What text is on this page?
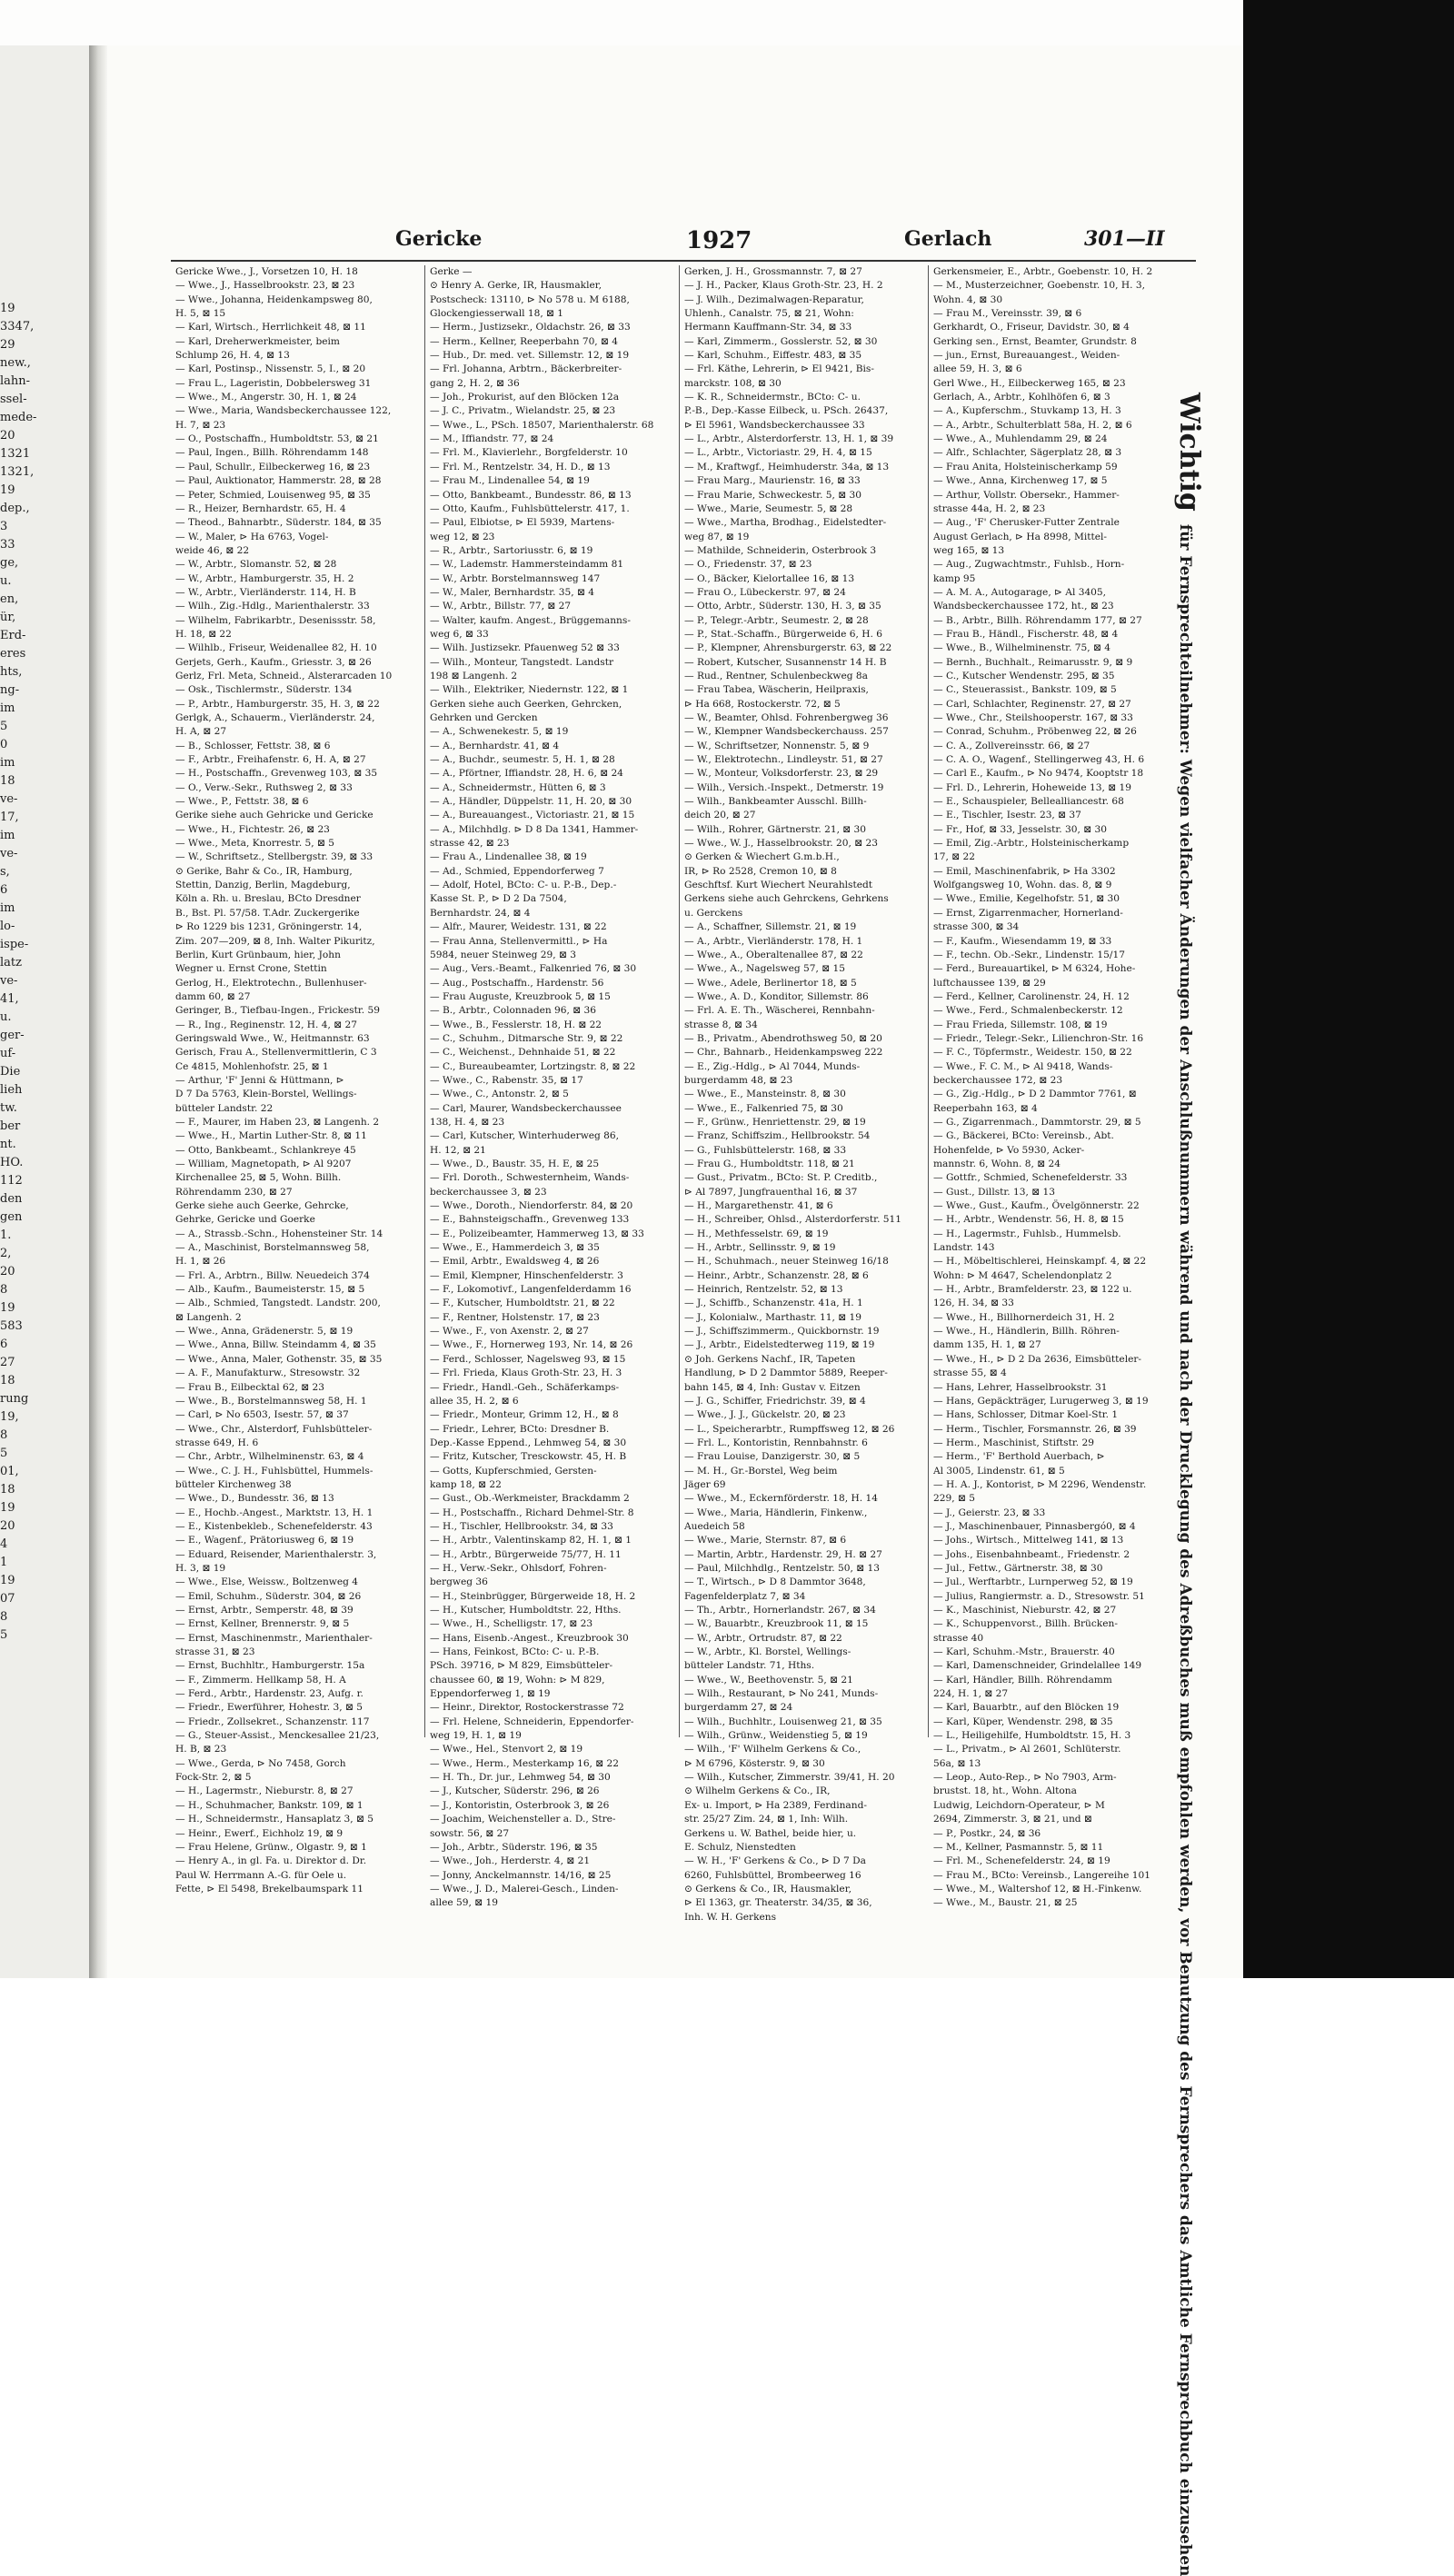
19
3347,
29
new.,
lahn-
ssel-
mede-
20
1321
1321,
19
dep.,
3
33
ge,
u.
en,
ür,
Erd-
eres
hts,
ng-
im
5
0
im
18
ve-
17,
im
ve-
s,
6
im
lo-
ispe-
latz
ve-
41,
u.
ger-
uf-
Die
lieh
tw.
ber
nt.
HO.
112
den
gen
1.
2,
20
8
19
583
6
27
18
rung
19,
8
5
01,
18
19
20
4
1
19
07
8
5
Gericke	1927	Gerlach	301—II
Gericke Wwe., J., Vorsetzen 10, H. 18
— Wwe., J., Hasselbrookstr. 23, ⊠ 23
— Wwe., Johanna, Heidenkampsweg 80,
H. 5, ⊠ 15
— Karl, Wirtsch., Herrlichkeit 48, ⊠ 11
— Karl, Dreherwerkmeister, beim
Schlump 26, H. 4, ⊠ 13
— Karl, Postinsp., Nissenstr. 5, I., ⊠ 20
— Frau L., Lageristin, Dobbelersweg 31
— Wwe., M., Angerstr. 30, H. 1, ⊠ 24
— Wwe., Maria, Wandsbeckerchaussee 122,
H. 7, ⊠ 23
— O., Postschaffn., Humboldtstr. 53, ⊠ 21
— Paul, Ingen., Billh. Röhrendamm 148
— Paul, Schullr., Eilbeckerweg 16, ⊠ 23
— Paul, Auktionator, Hammerstr. 28, ⊠ 28
— Peter, Schmied, Louisenweg 95, ⊠ 35
— R., Heizer, Bernhardstr. 65, H. 4
— Theod., Bahnarbtr., Süderstr. 184, ⊠ 35
— W., Maler, ⊳ Ha 6763, Vogel-
weide 46, ⊠ 22
— W., Arbtr., Slomanstr. 52, ⊠ 28
— W., Arbtr., Hamburgerstr. 35, H. 2
— W., Arbtr., Vierländerstr. 114, H. B
— Wilh., Zig.-Hdlg., Marienthalerstr. 33
— Wilhelm, Fabrikarbtr., Desenissstr. 58,
H. 18, ⊠ 22
— Wilhlb., Friseur, Weidenallee 82, H. 10
Gerjets, Gerh., Kaufm., Griesstr. 3, ⊠ 26
Gerlz, Frl. Meta, Schneid., Alsterarcaden 10
— Osk., Tischlermstr., Süderstr. 134
— P., Arbtr., Hamburgerstr. 35, H. 3, ⊠ 22
Gerlgk, A., Schauerm., Vierländerstr. 24,
H. A, ⊠ 27
— B., Schlosser, Fettstr. 38, ⊠ 6
— F., Arbtr., Freihafenstr. 6, H. A, ⊠ 27
— H., Postschaffn., Grevenweg 103, ⊠ 35
— O., Verw.-Sekr., Ruthsweg 2, ⊠ 33
— Wwe., P., Fettstr. 38, ⊠ 6
Gerike siehe auch Gehricke und Gericke
— Wwe., H., Fichtestr. 26, ⊠ 23
— Wwe., Meta, Knorrestr. 5, ⊠ 5
— W., Schriftsetz., Stellbergstr. 39, ⊠ 33
⊙ Gerike, Bahr & Co., IR, Hamburg,
Stettin, Danzig, Berlin, Magdeburg,
Köln a. Rh. u. Breslau, BCto Dresdner
B., Bst. Pl. 57/58. T.Adr. Zuckergerike
⊳ Ro 1229 bis 1231, Gröningerstr. 14,
Zim. 207—209, ⊠ 8, Inh. Walter Pikuritz,
Berlin, Kurt Grünbaum, hier, John
Wegner u. Ernst Crone, Stettin
Gerlog, H., Elektrotechn., Bullenhuser-
damm 60, ⊠ 27
Geringer, B., Tiefbau-Ingen., Frickestr. 59
— R., Ing., Reginenstr. 12, H. 4, ⊠ 27
Geringswald Wwe., W., Heitmannstr. 63
Gerisch, Frau A., Stellenvermittlerin, C 3
Ce 4815, Mohlenhofstr. 25, ⊠ 1
— Arthur, 'F' Jenni & Hüttmann, ⊳
D 7 Da 5763, Klein-Borstel, Wellings-
bütteler Landstr. 22
— F., Maurer, im Haben 23, ⊠ Langenh. 2
— Wwe., H., Martin Luther-Str. 8, ⊠ 11
— Otto, Bankbeamt., Schlankreye 45
— William, Magnetopath, ⊳ Al 9207
Kirchenallee 25, ⊠ 5, Wohn. Billh.
Röhrendamm 230, ⊠ 27
Gerke siehe auch Geerke, Gehrcke,
Gehrke, Gericke und Goerke
— A., Strassb.-Schn., Hohensteiner Str. 14
— A., Maschinist, Borstelmannsweg 58,
H. 1, ⊠ 26
— Frl. A., Arbtrn., Billw. Neuedeich 374
— Alb., Kaufm., Baumeisterstr. 15, ⊠ 5
— Alb., Schmied, Tangstedt. Landstr. 200,
⊠ Langenh. 2
— Wwe., Anna, Grädenerstr. 5, ⊠ 19
— Wwe., Anna, Billw. Steindamm 4, ⊠ 35
— Wwe., Anna, Maler, Gothenstr. 35, ⊠ 35
— A. F., Manufakturw., Stresowstr. 32
— Frau B., Eilbecktal 62, ⊠ 23
— Wwe., B., Borstelmannsweg 58, H. 1
— Carl, ⊳ No 6503, Isestr. 57, ⊠ 37
— Wwe., Chr., Alsterdorf, Fuhlsbütteler-
strasse 649, H. 6
— Chr., Arbtr., Wilhelminenstr. 63, ⊠ 4
— Wwe., C. J. H., Fuhlsbüttel, Hummels-
bütteler Kirchenweg 38
— Wwe., D., Bundesstr. 36, ⊠ 13
— E., Hochb.-Angest., Marktstr. 13, H. 1
— E., Kistenbekleb., Schenefelderstr. 43
— E., Wagenf., Prätoriusweg 6, ⊠ 19
— Eduard, Reisender, Marienthalerstr. 3,
H. 3, ⊠ 19
— Wwe., Else, Weissw., Boltzenweg 4
— Emil, Schuhm., Süderstr. 304, ⊠ 26
— Ernst, Arbtr., Semperstr. 48, ⊠ 39
— Ernst, Kellner, Brennerstr. 9, ⊠ 5
— Ernst, Maschinenmstr., Marienthaler-
strasse 31, ⊠ 23
— Ernst, Buchhltr., Hamburgerstr. 15a
— F., Zimmerm. Hellkamp 58, H. A
— Ferd., Arbtr., Hardenstr. 23, Aufg. r.
— Friedr., Ewerführer, Hohestr. 3, ⊠ 5
— Friedr., Zollsekret., Schanzenstr. 117
— G., Steuer-Assist., Menckesallee 21/23,
H. B, ⊠ 23
— Wwe., Gerda, ⊳ No 7458, Gorch
Fock-Str. 2, ⊠ 5
— H., Lagermstr., Nieburstr. 8, ⊠ 27
— H., Schuhmacher, Bankstr. 109, ⊠ 1
— H., Schneidermstr., Hansaplatz 3, ⊠ 5
— Heinr., Ewerf., Eichholz 19, ⊠ 9
— Frau Helene, Grünw., Olgastr. 9, ⊠ 1
— Henry A., in gl. Fa. u. Direktor d. Dr.
Paul W. Herrmann A.-G. für Oele u.
Fette, ⊳ El 5498, Brekelbaumspark 11
Gerke —
⊙ Henry A. Gerke, IR, Hausmakler,
Postscheck: 13110, ⊳ No 578 u. M 6188,
Glockengiesserwall 18, ⊠ 1
— Herm., Justizsekr., Oldachstr. 26, ⊠ 33
— Herm., Kellner, Reeperbahn 70, ⊠ 4
— Hub., Dr. med. vet. Sillemstr. 12, ⊠ 19
— Frl. Johanna, Arbtrn., Bäckerbreiter-
gang 2, H. 2, ⊠ 36
— Joh., Prokurist, auf den Blöcken 12a
— J. C., Privatm., Wielandstr. 25, ⊠ 23
— Wwe., L., PSch. 18507, Marienthalerstr. 68
— M., Iffiandstr. 77, ⊠ 24
— Frl. M., Klavierlehr., Borgfelderstr. 10
— Frl. M., Rentzelstr. 34, H. D., ⊠ 13
— Frau M., Lindenallee 54, ⊠ 19
— Otto, Bankbeamt., Bundesstr. 86, ⊠ 13
— Otto, Kaufm., Fuhlsbüttelerstr. 417, 1.
— Paul, Elbiotse, ⊳ El 5939, Martens-
weg 12, ⊠ 23
— R., Arbtr., Sartoriusstr. 6, ⊠ 19
— W., Lademstr. Hammersteindamm 81
— W., Arbtr. Borstelmannsweg 147
— W., Maler, Bernhardstr. 35, ⊠ 4
— W., Arbtr., Billstr. 77, ⊠ 27
— Walter, kaufm. Angest., Brüggemanns-
weg 6, ⊠ 33
— Wilh. Justizsekr. Pfauenweg 52 ⊠ 33
— Wilh., Monteur, Tangstedt. Landstr
198 ⊠ Langenh. 2
— Wilh., Elektriker, Niedernstr. 122, ⊠ 1
Gerken siehe auch Geerken, Gehrcken,
Gehrken und Gercken
— A., Schwenekestr. 5, ⊠ 19
— A., Bernhardstr. 41, ⊠ 4
— A., Buchdr., seumestr. 5, H. 1, ⊠ 28
— A., Pförtner, Iffiandstr. 28, H. 6, ⊠ 24
— A., Schneidermstr., Hütten 6, ⊠ 3
— A., Händler, Düppelstr. 11, H. 20, ⊠ 30
— A., Bureauangest., Victoriastr. 21, ⊠ 15
— A., Milchhdlg. ⊳ D 8 Da 1341, Hammer-
strasse 42, ⊠ 23
— Frau A., Lindenallee 38, ⊠ 19
— Ad., Schmied, Eppendorferweg 7
— Adolf, Hotel, BCto: C- u. P.-B., Dep.-
Kasse St. P., ⊳ D 2 Da 7504,
Bernhardstr. 24, ⊠ 4
— Alfr., Maurer, Weidestr. 131, ⊠ 22
— Frau Anna, Stellenvermittl., ⊳ Ha
5984, neuer Steinweg 29, ⊠ 3
— Aug., Vers.-Beamt., Falkenried 76, ⊠ 30
— Aug., Postschaffn., Hardenstr. 56
— Frau Auguste, Kreuzbrook 5, ⊠ 15
— B., Arbtr., Colonnaden 96, ⊠ 36
— Wwe., B., Fesslerstr. 18, H. ⊠ 22
— C., Schuhm., Ditmarsche Str. 9, ⊠ 22
— C., Weichenst., Dehnhaide 51, ⊠ 22
— C., Bureaubeamter, Lortzingstr. 8, ⊠ 22
— Wwe., C., Rabenstr. 35, ⊠ 17
— Wwe., C., Antonstr. 2, ⊠ 5
— Carl, Maurer, Wandsbeckerchaussee
138, H. 4, ⊠ 23
— Carl, Kutscher, Winterhuderweg 86,
H. 12, ⊠ 21
— Wwe., D., Baustr. 35, H. E, ⊠ 25
— Frl. Doroth., Schwesternheim, Wands-
beckerchaussee 3, ⊠ 23
— Wwe., Doroth., Niendorferstr. 84, ⊠ 20
— E., Bahnsteigschaffn., Grevenweg 133
— E., Polizeibeamter, Hammerweg 13, ⊠ 33
— Wwe., E., Hammerdeich 3, ⊠ 35
— Emil, Arbtr., Ewaldsweg 4, ⊠ 26
— Emil, Klempner, Hinschenfelderstr. 3
— F., Lokomotivf., Langenfelderdamm 16
— F., Kutscher, Humboldtstr. 21, ⊠ 22
— F., Rentner, Holstenstr. 17, ⊠ 23
— Wwe., F., von Axenstr. 2, ⊠ 27
— Wwe., F., Hornerweg 193, Nr. 14, ⊠ 26
— Ferd., Schlosser, Nagelsweg 93, ⊠ 15
— Frl. Frieda, Klaus Groth-Str. 23, H. 3
— Friedr., Handl.-Geh., Schäferkamps-
allee 35, H. 2, ⊠ 6
— Friedr., Monteur, Grimm 12, H., ⊠ 8
— Friedr., Lehrer, BCto: Dresdner B.
Dep.-Kasse Eppend., Lehmweg 54, ⊠ 30
— Fritz, Kutscher, Tresckowstr. 45, H. B
— Gotts, Kupferschmied, Gersten-
kamp 18, ⊠ 22
— Gust., Ob.-Werkmeister, Brackdamm 2
— H., Postschaffn., Richard Dehmel-Str. 8
— H., Tischler, Hellbrookstr. 34, ⊠ 33
— H., Arbtr., Valentinskamp 82, H. 1, ⊠ 1
— H., Arbtr., Bürgerweide 75/77, H. 11
— H., Verw.-Sekr., Ohlsdorf, Fohren-
bergweg 36
— H., Steinbrügger, Bürgerweide 18, H. 2
— H., Kutscher, Humboldtstr. 22, Hths.
— Wwe., H., Schelligstr. 17, ⊠ 23
— Hans, Eisenb.-Angest., Kreuzbrook 30
— Hans, Feinkost, BCto: C- u. P.-B.
PSch. 39716, ⊳ M 829, Eimsbütteler-
chaussee 60, ⊠ 19, Wohn: ⊳ M 829,
Eppendorferweg 1, ⊠ 19
— Heinr., Direktor, Rostockerstrasse 72
— Frl. Helene, Schneiderin, Eppendorfer-
weg 19, H. 1, ⊠ 19
— Wwe., Hel., Stenvort 2, ⊠ 19
— Wwe., Herm., Mesterkamp 16, ⊠ 22
— H. Th., Dr. jur., Lehmweg 54, ⊠ 30
— J., Kutscher, Süderstr. 296, ⊠ 26
— J., Kontoristin, Osterbrook 3, ⊠ 26
— Joachim, Weichensteller a. D., Stre-
sowstr. 56, ⊠ 27
— Joh., Arbtr., Süderstr. 196, ⊠ 35
— Wwe., Joh., Herderstr. 4, ⊠ 21
— Jonny, Anckelmannstr. 14/16, ⊠ 25
— Wwe., J. D., Malerei-Gesch., Linden-
allee 59, ⊠ 19
Gerken, J. H., Grossmannstr. 7, ⊠ 27
— J. H., Packer, Klaus Groth-Str. 23, H. 2
— J. Wilh., Dezimalwagen-Reparatur,
Uhlenh., Canalstr. 75, ⊠ 21, Wohn:
Hermann Kauffmann-Str. 34, ⊠ 33
— Karl, Zimmerm., Gosslerstr. 52, ⊠ 30
— Karl, Schuhm., Eiffestr. 483, ⊠ 35
— Frl. Käthe, Lehrerin, ⊳ El 9421, Bis-
marckstr. 108, ⊠ 30
— K. R., Schneidermstr., BCto: C- u.
P.-B., Dep.-Kasse Eilbeck, u. PSch. 26437,
⊳ El 5961, Wandsbeckerchaussee 33
— L., Arbtr., Alsterdorferstr. 13, H. 1, ⊠ 39
— L., Arbtr., Victoriastr. 29, H. 4, ⊠ 15
— M., Kraftwgf., Heimhuderstr. 34a, ⊠ 13
— Frau Marg., Maurienstr. 16, ⊠ 33
— Frau Marie, Schweckestr. 5, ⊠ 30
— Wwe., Marie, Seumestr. 5, ⊠ 28
— Wwe., Martha, Brodhag., Eidelstedter-
weg 87, ⊠ 19
— Mathilde, Schneiderin, Osterbrook 3
— O., Friedenstr. 37, ⊠ 23
— O., Bäcker, Kielortallee 16, ⊠ 13
— Frau O., Lübeckerstr. 97, ⊠ 24
— Otto, Arbtr., Süderstr. 130, H. 3, ⊠ 35
— P., Telegr.-Arbtr., Seumestr. 2, ⊠ 28
— P., Stat.-Schaffn., Bürgerweide 6, H. 6
— P., Klempner, Ahrensburgerstr. 63, ⊠ 22
— Robert, Kutscher, Susannenstr 14 H. B
— Rud., Rentner, Schulenbeckweg 8a
— Frau Tabea, Wäscherin, Heilpraxis,
⊳ Ha 668, Rostockerstr. 72, ⊠ 5
— W., Beamter, Ohlsd. Fohrenbergweg 36
— W., Klempner Wandsbeckerchauss. 257
— W., Schriftsetzer, Nonnenstr. 5, ⊠ 9
— W., Elektrotechn., Lindleystr. 51, ⊠ 27
— W., Monteur, Volksdorferstr. 23, ⊠ 29
— Wilh., Versich.-Inspekt., Detmerstr. 19
— Wilh., Bankbeamter Ausschl. Billh-
deich 20, ⊠ 27
— Wilh., Rohrer, Gärtnerstr. 21, ⊠ 30
— Wwe., W. J., Hasselbrookstr. 20, ⊠ 23
⊙ Gerken & Wiechert G.m.b.H.,
IR, ⊳ Ro 2528, Cremon 10, ⊠ 8
Geschftsf. Kurt Wiechert Neurahlstedt
Gerkens siehe auch Gehrckens, Gehrkens
u. Gerckens
— A., Schaffner, Sillemstr. 21, ⊠ 19
— A., Arbtr., Vierländerstr. 178, H. 1
— Wwe., A., Oberaltenallee 87, ⊠ 22
— Wwe., A., Nagelsweg 57, ⊠ 15
— Wwe., Adele, Berlinertor 18, ⊠ 5
— Wwe., A. D., Konditor, Sillemstr. 86
— Frl. A. E. Th., Wäscherei, Rennbahn-
strasse 8, ⊠ 34
— B., Privatm., Abendrothsweg 50, ⊠ 20
— Chr., Bahnarb., Heidenkampsweg 222
— E., Zig.-Hdlg., ⊳ Al 7044, Munds-
burgerdamm 48, ⊠ 23
— Wwe., E., Mansteinstr. 8, ⊠ 30
— Wwe., E., Falkenried 75, ⊠ 30
— F., Grünw., Henriettenstr. 29, ⊠ 19
— Franz, Schiffszim., Hellbrookstr. 54
— G., Fuhlsbüttelerstr. 168, ⊠ 33
— Frau G., Humboldtstr. 118, ⊠ 21
— Gust., Privatm., BCto: St. P. Creditb.,
⊳ Al 7897, Jungfrauenthal 16, ⊠ 37
— H., Margarethenstr. 41, ⊠ 6
— H., Schreiber, Ohlsd., Alsterdorferstr. 511
— H., Methfesselstr. 69, ⊠ 19
— H., Arbtr., Sellinsstr. 9, ⊠ 19
— H., Schuhmach., neuer Steinweg 16/18
— Heinr., Arbtr., Schanzenstr. 28, ⊠ 6
— Heinrich, Rentzelstr. 52, ⊠ 13
— J., Schiffb., Schanzenstr. 41a, H. 1
— J., Kolonialw., Marthastr. 11, ⊠ 19
— J., Schiffszimmerm., Quickbornstr. 19
— J., Arbtr., Eidelstedterweg 119, ⊠ 19
⊙ Joh. Gerkens Nachf., IR, Tapeten
Handlung, ⊳ D 2 Dammtor 5889, Reeper-
bahn 145, ⊠ 4, Inh: Gustav v. Eitzen
— J. G., Schiffer, Friedrichstr. 39, ⊠ 4
— Wwe., J. J., Gückelstr. 20, ⊠ 23
— L., Speicherarbtr., Rumpffsweg 12, ⊠ 26
— Frl. L., Kontoristin, Rennbahnstr. 6
— Frau Louise, Danzigerstr. 30, ⊠ 5
— M. H., Gr.-Borstel, Weg beim
Jäger 69
— Wwe., M., Eckernförderstr. 18, H. 14
— Wwe., Maria, Händlerin, Finkenw.,
Auedeich 58
— Wwe., Marie, Sternstr. 87, ⊠ 6
— Martin, Arbtr., Hardenstr. 29, H. ⊠ 27
— Paul, Milchhdlg., Rentzelstr. 50, ⊠ 13
— T., Wirtsch., ⊳ D 8 Dammtor 3648,
Fagenfelderplatz 7, ⊠ 34
— Th., Arbtr., Hornerlandstr. 267, ⊠ 34
— W., Bauarbtr., Kreuzbrook 11, ⊠ 15
— W., Arbtr., Ortrudstr. 87, ⊠ 22
— W., Arbtr., Kl. Borstel, Wellings-
bütteler Landstr. 71, Hths.
— Wwe., W., Beethovenstr. 5, ⊠ 21
— Wilh., Restaurant, ⊳ No 241, Munds-
burgerdamm 27, ⊠ 24
— Wilh., Buchhltr., Louisenweg 21, ⊠ 35
— Wilh., Grünw., Weidenstieg 5, ⊠ 19
— Wilh., 'F' Wilhelm Gerkens & Co.,
⊳ M 6796, Kösterstr. 9, ⊠ 30
— Wilh., Kutscher, Zimmerstr. 39/41, H. 20
⊙ Wilhelm Gerkens & Co., IR,
Ex- u. Import, ⊳ Ha 2389, Ferdinand-
str. 25/27 Zim. 24, ⊠ 1, Inh: Wilh.
Gerkens u. W. Bathel, beide hier, u.
E. Schulz, Nienstedten
— W. H., 'F' Gerkens & Co., ⊳ D 7 Da
6260, Fuhlsbüttel, Brombeerweg 16
⊙ Gerkens & Co., IR, Hausmakler,
⊳ El 1363, gr. Theaterstr. 34/35, ⊠ 36,
Inh. W. H. Gerkens
Gerkensmeier, E., Arbtr., Goebenstr. 10, H. 2
— M., Musterzeichner, Goebenstr. 10, H. 3,
Wohn. 4, ⊠ 30
— Frau M., Vereinsstr. 39, ⊠ 6
Gerkhardt, O., Friseur, Davidstr. 30, ⊠ 4
Gerking sen., Ernst, Beamter, Grundstr. 8
— jun., Ernst, Bureauangest., Weiden-
allee 59, H. 3, ⊠ 6
Gerl Wwe., H., Eilbeckerweg 165, ⊠ 23
Gerlach, A., Arbtr., Kohlhöfen 6, ⊠ 3
— A., Kupferschm., Stuvkamp 13, H. 3
— A., Arbtr., Schulterblatt 58a, H. 2, ⊠ 6
— Wwe., A., Muhlendamm 29, ⊠ 24
— Alfr., Schlachter, Sägerplatz 28, ⊠ 3
— Frau Anita, Holsteinischerkamp 59
— Wwe., Anna, Kirchenweg 17, ⊠ 5
— Arthur, Vollstr. Obersekr., Hammer-
strasse 44a, H. 2, ⊠ 23
— Aug., 'F' Cherusker-Futter Zentrale
August Gerlach, ⊳ Ha 8998, Mittel-
weg 165, ⊠ 13
— Aug., Zugwachtmstr., Fuhlsb., Horn-
kamp 95
— A. M. A., Autogarage, ⊳ Al 3405,
Wandsbeckerchaussee 172, ht., ⊠ 23
— B., Arbtr., Billh. Röhrendamm 177, ⊠ 27
— Frau B., Händl., Fischerstr. 48, ⊠ 4
— Wwe., B., Wilhelminenstr. 75, ⊠ 4
— Bernh., Buchhalt., Reimarusstr. 9, ⊠ 9
— C., Kutscher Wendenstr. 295, ⊠ 35
— C., Steuerassist., Bankstr. 109, ⊠ 5
— Carl, Schlachter, Reginenstr. 27, ⊠ 27
— Wwe., Chr., Steilshooperstr. 167, ⊠ 33
— Conrad, Schuhm., Pröbenweg 22, ⊠ 26
— C. A., Zollvereinsstr. 66, ⊠ 27
— C. A. O., Wagenf., Stellingerweg 43, H. 6
— Carl E., Kaufm., ⊳ No 9474, Kooptstr 18
— Frl. D., Lehrerin, Hoheweide 13, ⊠ 19
— E., Schauspieler, Bellealliancestr. 68
— E., Tischler, Isestr. 23, ⊠ 37
— Fr., Hof, ⊠ 33, Jesselstr. 30, ⊠ 30
— Emil, Zig.-Arbtr., Holsteinischerkamp
17, ⊠ 22
— Emil, Maschinenfabrik, ⊳ Ha 3302
Wolfgangsweg 10, Wohn. das. 8, ⊠ 9
— Wwe., Emilie, Kegelhofstr. 51, ⊠ 30
— Ernst, Zigarrenmacher, Hornerland-
strasse 300, ⊠ 34
— F., Kaufm., Wiesendamm 19, ⊠ 33
— F., techn. Ob.-Sekr., Lindenstr. 15/17
— Ferd., Bureauartikel, ⊳ M 6324, Hohe-
luftchaussee 139, ⊠ 29
— Ferd., Kellner, Carolinenstr. 24, H. 12
— Wwe., Ferd., Schmalenbeckerstr. 12
— Frau Frieda, Sillemstr. 108, ⊠ 19
— Friedr., Telegr.-Sekr., Lilienchron-Str. 16
— F. C., Töpfermstr., Weidestr. 150, ⊠ 22
— Wwe., F. C. M., ⊳ Al 9418, Wands-
beckerchaussee 172, ⊠ 23
— G., Zig.-Hdlg., ⊳ D 2 Dammtor 7761, ⊠
Reeperbahn 163, ⊠ 4
— G., Zigarrenmach., Dammtorstr. 29, ⊠ 5
— G., Bäckerei, BCto: Vereinsb., Abt.
Hohenfelde, ⊳ Vo 5930, Acker-
mannstr. 6, Wohn. 8, ⊠ 24
— Gottfr., Schmied, Schenefelderstr. 33
— Gust., Dillstr. 13, ⊠ 13
— Wwe., Gust., Kaufm., Övelgönnerstr. 22
— H., Arbtr., Wendenstr. 56, H. 8, ⊠ 15
— H., Lagermstr., Fuhlsb., Hummelsb.
Landstr. 143
— H., Möbeltischlerei, Heinskampf. 4, ⊠ 22
Wohn: ⊳ M 4647, Schelendonplatz 2
— H., Arbtr., Bramfelderstr. 23, ⊠ 122 u.
126, H. 34, ⊠ 33
— Wwe., H., Billhornerdeich 31, H. 2
— Wwe., H., Händlerin, Billh. Röhren-
damm 135, H. 1, ⊠ 27
— Wwe., H., ⊳ D 2 Da 2636, Eimsbütteler-
strasse 55, ⊠ 4
— Hans, Lehrer, Hasselbrookstr. 31
— Hans, Gepäckträger, Lurugerweg 3, ⊠ 19
— Hans, Schlosser, Ditmar Koel-Str. 1
— Herm., Tischler, Forsmannstr. 26, ⊠ 39
— Herm., Maschinist, Stiftstr. 29
— Herm., 'F' Berthold Auerbach, ⊳
Al 3005, Lindenstr. 61, ⊠ 5
— H. A. J., Kontorist, ⊳ M 2296, Wendenstr.
229, ⊠ 5
— J., Geierstr. 23, ⊠ 33
— J., Maschinenbauer, Pinnasbergó0, ⊠ 4
— Johs., Wirtsch., Mittelweg 141, ⊠ 13
— Johs., Eisenbahnbeamt., Friedenstr. 2
— Jul., Fettw., Gärtnerstr. 38, ⊠ 30
— Jul., Werftarbtr., Lurnperweg 52, ⊠ 19
— Julius, Rangiermstr. a. D., Stresowstr. 51
— K., Maschinist, Nieburstr. 42, ⊠ 27
— K., Schuppenvorst., Billh. Brücken-
strasse 40
— Karl, Schuhm.-Mstr., Brauerstr. 40
— Karl, Damenschneider, Grindelallee 149
— Karl, Händler, Billh. Röhrendamm
224, H. 1, ⊠ 27
— Karl, Bauarbtr., auf den Blöcken 19
— Karl, Küper, Wendenstr. 298, ⊠ 35
— L., Heiligehilfe, Humboldtstr. 15, H. 3
— L., Privatm., ⊳ Al 2601, Schlüterstr.
56a, ⊠ 13
— Leop., Auto-Rep., ⊳ No 7903, Arm-
brustst. 18, ht., Wohn. Altona
Ludwig, Leichdorn-Operateur, ⊳ M
2694, Zimmerstr. 3, ⊠ 21, und ⊠
— P., Postkr., 24, ⊠ 36
— M., Kellner, Pasmannstr. 5, ⊠ 11
— Frl. M., Schenefelderstr. 24, ⊠ 19
— Frau M., BCto: Vereinsb., Langereihe 101
— Wwe., M., Waltershof 12, ⊠ H.-Finkenw.
— Wwe., M., Baustr. 21, ⊠ 25
Wichtigfür Fernsprechteilnehmer: Wegen vielfacher Änderungen der Anschlußnummern während und nach der Drucklegung des Adreßbuches muß empfohlen werden, vor Benutzung des Fernsprechers das Amtliche Fernsprechbuch einzusehen
